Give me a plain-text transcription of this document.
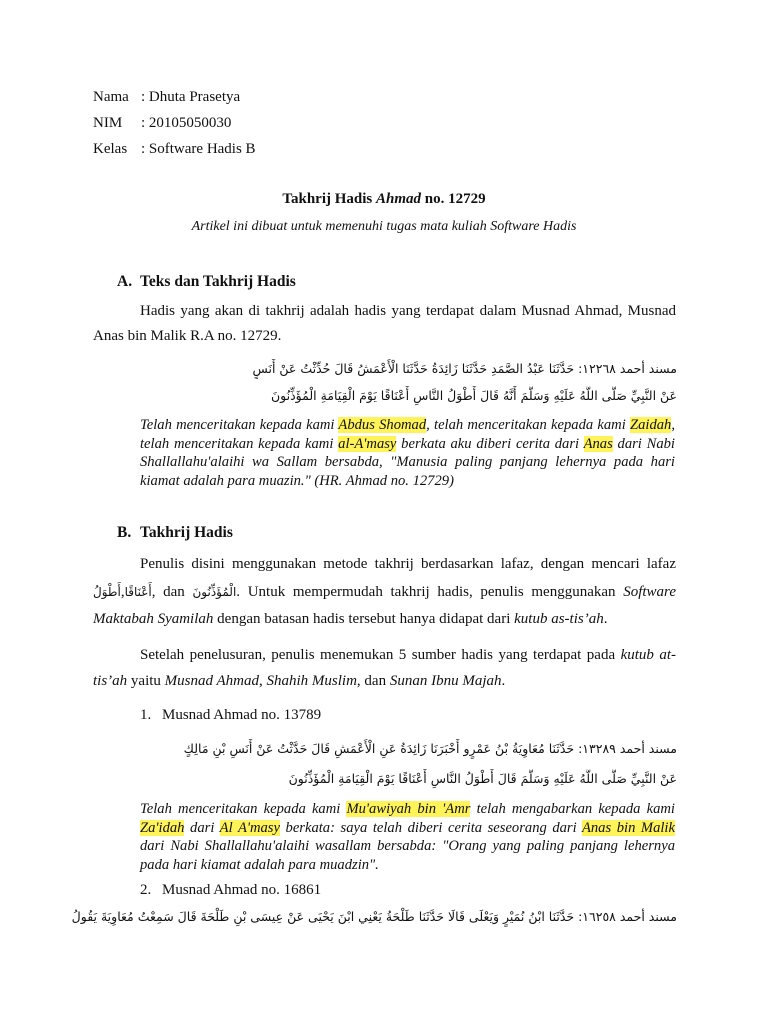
Nama : Dhuta Prasetya
NIM	: 20105050030
Kelas : Software Hadis B
Takhrij Hadis Ahmad no. 12729
Artikel ini dibuat untuk memenuhi tugas mata kuliah Software Hadis
A. Teks dan Takhrij Hadis
Hadis yang akan di takhrij adalah hadis yang terdapat dalam Musnad Ahmad, Musnad
Anas bin Malik R.A no. 12729.
مسند أحمد ١٢٢٦٨: حَدَّثَنَا عَبْدُ الصَّمَدِ حَدَّثَنَا زَائِدَةُ حَدَّثَنَا الْأَعْمَشُ قَالَ حُدِّثْتُ عَنْ أَنَسٍ
عَنْ النَّبِيِّ صَلَّى اللَّهُ عَلَيْهِ وَسَلَّمَ أَنَّهُ قَالَ أَطْوَلُ النَّاسِ أَعْنَاقًا يَوْمَ الْقِيَامَةِ الْمُؤَذِّنُونَ
Telah menceritakan kepada kami Abdus Shomad, telah menceritakan kepada kami Zaidah, telah menceritakan kepada kami al-A'masy berkata aku diberi cerita dari Anas dari Nabi Shallallahu'alaihi wa Sallam bersabda, "Manusia paling panjang lehernya pada hari kiamat adalah para muazin." (HR. Ahmad no. 12729)
B. Takhrij Hadis
Penulis disini menggunakan metode takhrij berdasarkan lafaz, dengan mencari lafaz
أَعْنَاقًا,أَطْوَلُ , dan الْمُؤَذِّنُونَ. Untuk mempermudah takhrij hadis, penulis menggunakan Software
Maktabah Syamilah dengan batasan hadis tersebut hanya didapat dari kutub as-tis’ah.
Setelah penelusuran, penulis menemukan 5 sumber hadis yang terdapat pada kutub at-
tis’ah yaitu Musnad Ahmad, Shahih Muslim, dan Sunan Ibnu Majah.
1. Musnad Ahmad no. 13789
مسند أحمد ١٣٢٨٩: حَدَّثَنَا مُعَاوِيَةُ بْنُ عَمْرٍو أَخْبَرَنَا زَائِدَةُ عَنِ الْأَعْمَشِ قَالَ حَدَّثْتُ عَنْ أَنَسِ بْنِ مَالِكٍ
عَنْ النَّبِيِّ صَلَّى اللَّهُ عَلَيْهِ وَسَلَّمَ قَالَ أَطْوَلُ النَّاسِ أَعْنَاقًا يَوْمَ الْقِيَامَةِ الْمُؤَذِّنُونَ
Telah menceritakan kepada kami Mu'awiyah bin 'Amr telah mengabarkan kepada kami Za'idah dari Al A'masy berkata: saya telah diberi cerita seseorang dari Anas bin Malik dari Nabi Shallallahu'alaihi wasallam bersabda: "Orang yang paling panjang lehernya pada hari kiamat adalah para muadzin".
2. Musnad Ahmad no. 16861
مسند أحمد ١٦٢٥٨: حَدَّثَنَا ابْنُ نُمَيْرٍ وَيَعْلَى قَالَا حَدَّثَنَا طَلْحَةُ يَعْنِي ابْنَ يَحْيَى عَنْ عِيسَى بْنِ طَلْحَةَ قَالَ سَمِعْتُ مُعَاوِيَةَ يَقُولُ
